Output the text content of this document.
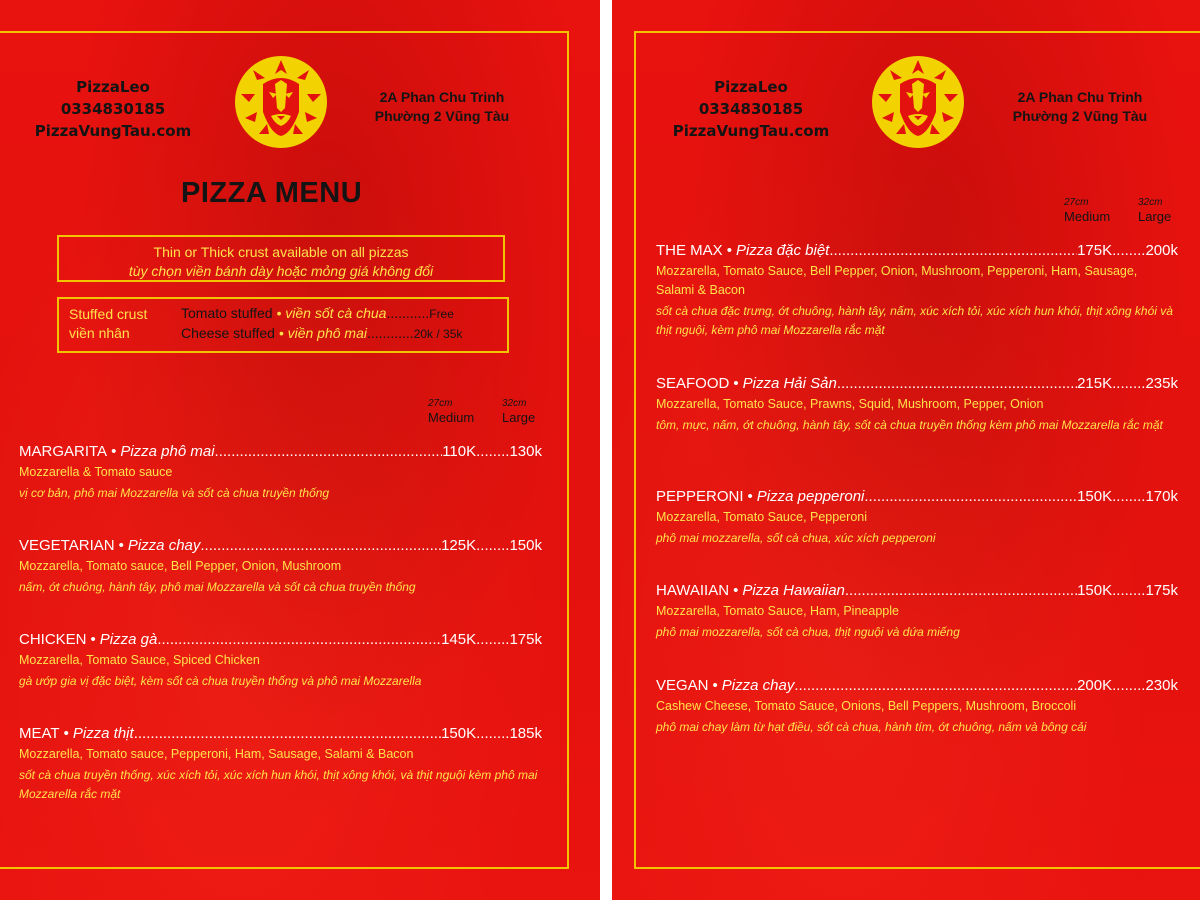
PizzaLeo
0334830185
PizzaVungTau.com
2A Phan Chu Trinh
Phường 2 Vũng Tàu
PIZZA MENU
Thin or Thick crust available on all pizzas
tùy chọn viền bánh dày hoặc mỏng giá không đổi
Stuffed crust
viền nhân
Tomato stuffed • viền sốt cà chua...........Free
Cheese stuffed • viền phô mai............20k / 35k
27cm
Medium
32cm
Large
MARGARITA • Pizza phô mai .....	110K ........ 130k
Mozzarella & Tomato sauce
vị cơ bản, phô mai Mozzarella và sốt cà chua truyền thống
VEGETARIAN • Pizza chay .....	125K ........ 150k
Mozzarella, Tomato sauce, Bell Pepper, Onion, Mushroom
nấm, ớt chuông, hành tây, phô mai Mozzarella và sốt cà chua truyền thống
CHICKEN • Pizza gà .....	145K ........ 175k
Mozzarella, Tomato Sauce, Spiced Chicken
gà ướp gia vị đặc biệt, kèm sốt cà chua truyền thống và phô mai Mozzarella
MEAT • Pizza thịt .....	150K ........ 185k
Mozzarella, Tomato sauce, Pepperoni, Ham, Sausage, Salami & Bacon
sốt cà chua truyền thống, xúc xích tỏi, xúc xích hun khói, thịt xông khói, và thịt nguội kèm phô mai Mozzarella rắc mặt
PizzaLeo
0334830185
PizzaVungTau.com
2A Phan Chu Trinh
Phường 2 Vũng Tàu
27cm
Medium
32cm
Large
THE MAX • Pizza đặc biệt .....	175K ........ 200k
Mozzarella, Tomato Sauce, Bell Pepper, Onion, Mushroom, Pepperoni, Ham, Sausage, Salami & Bacon
sốt cà chua đặc trưng, ớt chuông, hành tây, nấm, xúc xích tỏi, xúc xích hun khói, thịt xông khói và thịt nguội, kèm phô mai Mozzarella rắc mặt
SEAFOOD • Pizza Hải Sản .....	215K ........ 235k
Mozzarella, Tomato Sauce, Prawns, Squid, Mushroom, Pepper, Onion
tôm, mực, nấm, ớt chuông, hành tây, sốt cà chua truyền thống kèm phô mai Mozzarella rắc mặt
PEPPERONI • Pizza pepperoni .....	150K ........ 170k
Mozzarella, Tomato Sauce, Pepperoni
phô mai mozzarella, sốt cà chua, xúc xích pepperoni
HAWAIIAN • Pizza Hawaiian .....	150K ........ 175k
Mozzarella, Tomato Sauce, Ham, Pineapple
phô mai mozzarella, sốt cà chua, thịt nguội và dứa miếng
VEGAN • Pizza chay .....	200K ........ 230k
Cashew Cheese, Tomato Sauce, Onions, Bell Peppers, Mushroom, Broccoli
phô mai chay làm từ hạt điều, sốt cà chua, hành tím, ớt chuông, nấm và bông cải
